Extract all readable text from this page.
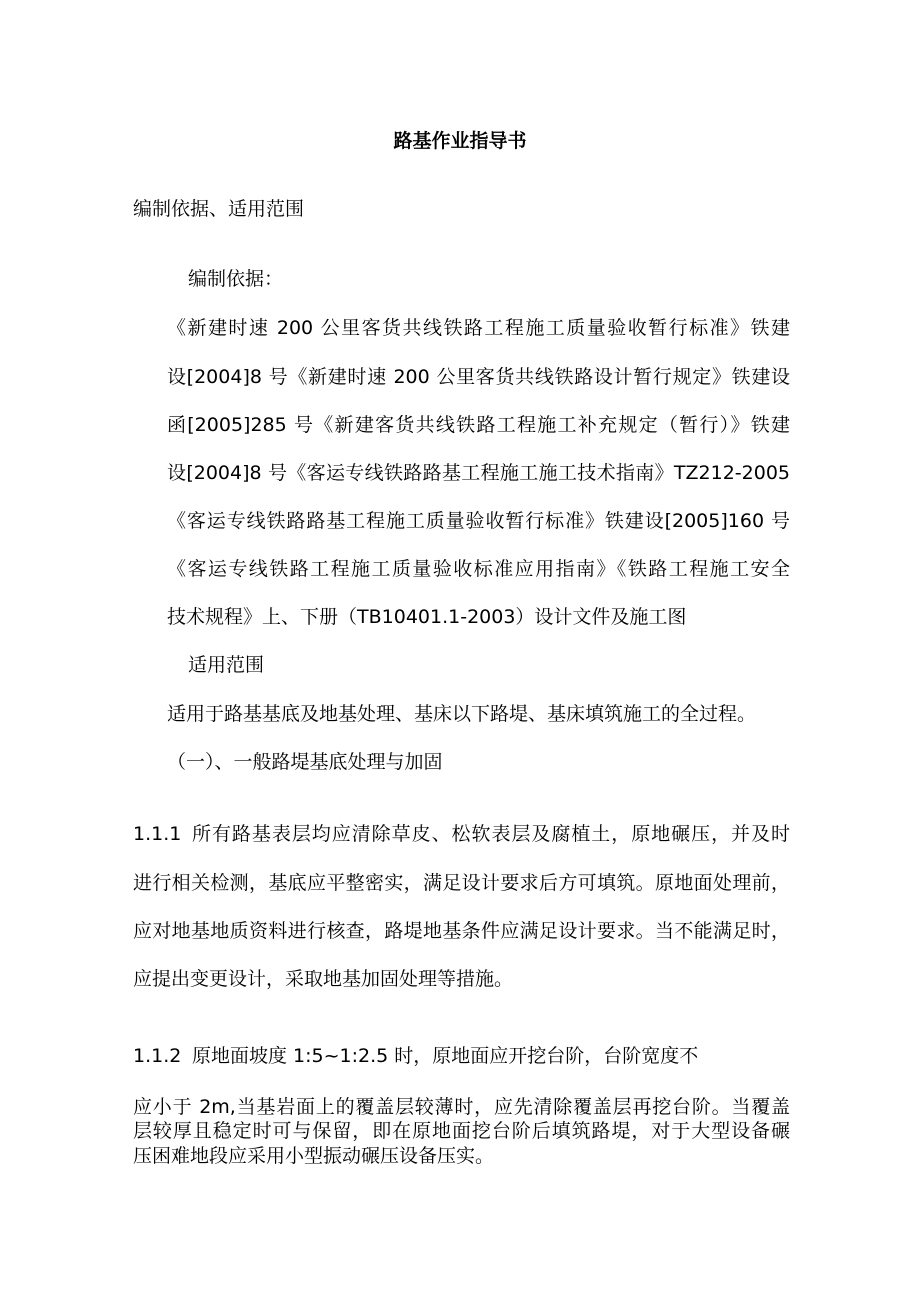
路基作业指导书
编制依据、适用范围
编制依据：
《新建时速 200 公里客货共线铁路工程施工质量验收暂行标准》铁建
设[2004]8 号《新建时速 200 公里客货共线铁路设计暂行规定》铁建设
函[2005]285 号《新建客货共线铁路工程施工补充规定（暂行）》铁建
设[2004]8 号《客运专线铁路路基工程施工施工技术指南》TZ212-2005
《客运专线铁路路基工程施工质量验收暂行标准》铁建设[2005]160 号
《客运专线铁路工程施工质量验收标准应用指南》《铁路工程施工安全
技术规程》上、下册（TB10401.1-2003）设计文件及施工图
适用范围
适用于路基基底及地基处理、基床以下路堤、基床填筑施工的全过程。
（一）、一般路堤基底处理与加固
1.1.1 所有路基表层均应清除草皮、松软表层及腐植土，原地碾压，并及时
进行相关检测，基底应平整密实，满足设计要求后方可填筑。原地面处理前，
应对地基地质资料进行核查，路堤地基条件应满足设计要求。当不能满足时，
应提出变更设计，采取地基加固处理等措施。
1.1.2 原地面坡度 1:5~1:2.5 时，原地面应开挖台阶，台阶宽度不
应小于 2m,当基岩面上的覆盖层较薄时，应先清除覆盖层再挖台阶。当覆盖
层较厚且稳定时可与保留，即在原地面挖台阶后填筑路堤，对于大型设备碾
压困难地段应采用小型振动碾压设备压实。
